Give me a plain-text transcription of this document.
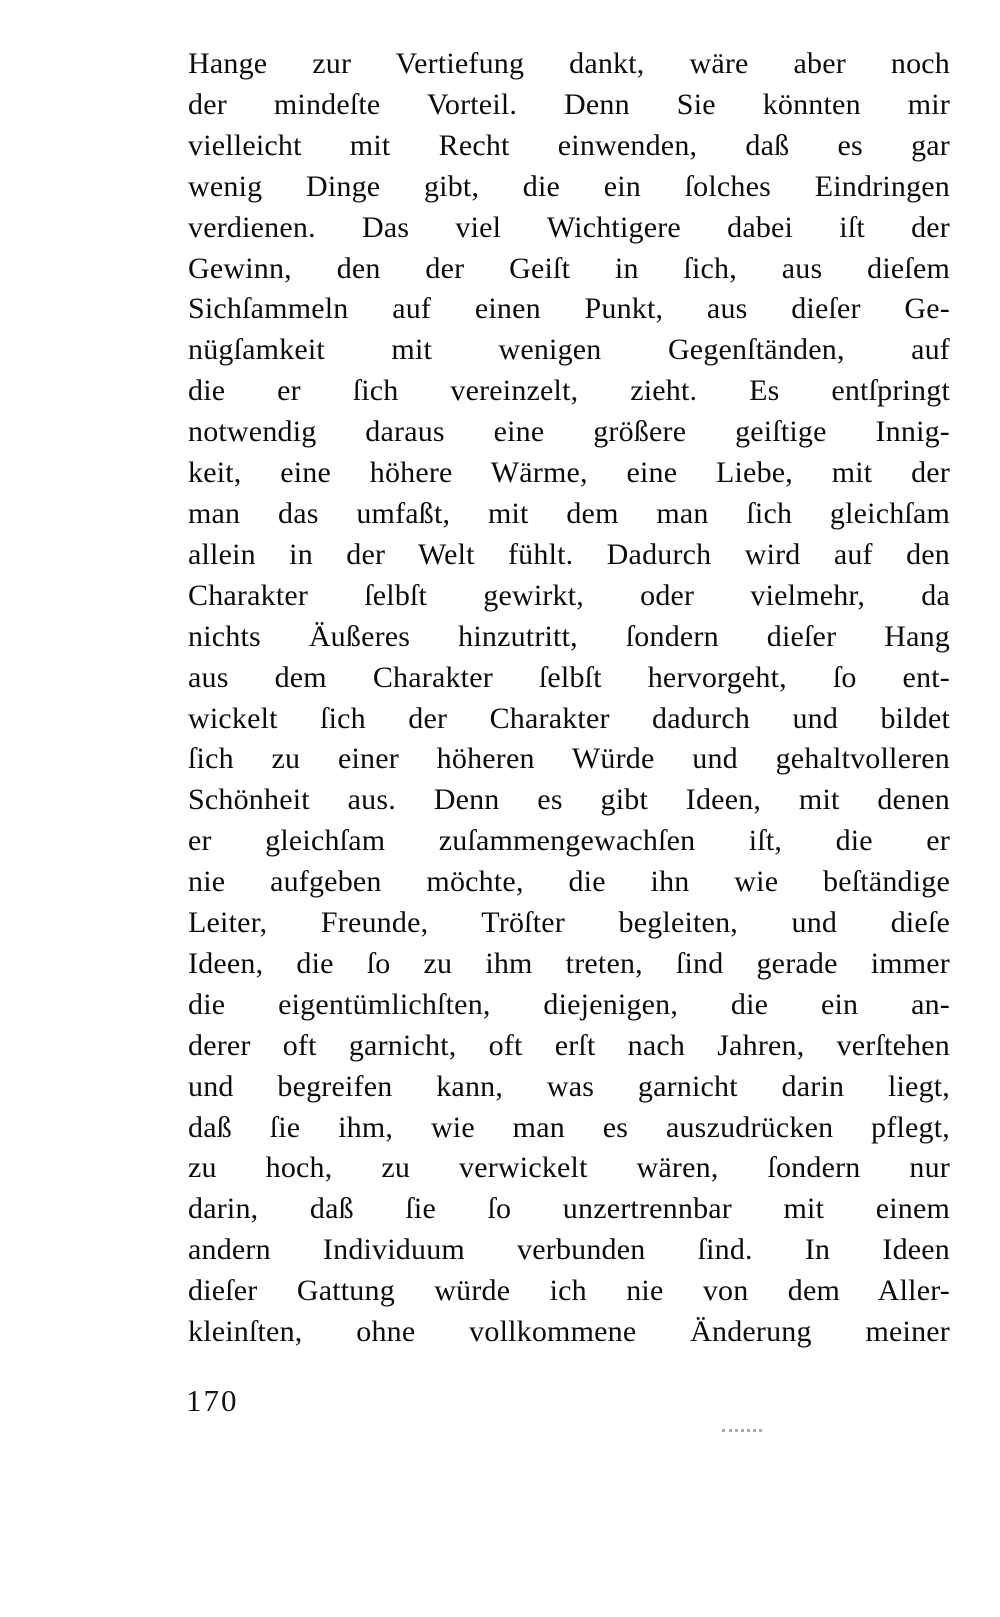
Hange zur Vertiefung dankt, wäre aber noch
der mindeſte Vorteil. Denn Sie könnten mir
vielleicht mit Recht einwenden, daß es gar
wenig Dinge gibt, die ein ſolches Eindringen
verdienen. Das viel Wichtigere dabei iſt der
Gewinn, den der Geiſt in ſich, aus dieſem
Sichſammeln auf einen Punkt, aus dieſer Ge-
nügſamkeit mit wenigen Gegenſtänden, auf
die er ſich vereinzelt, zieht. Es entſpringt
notwendig daraus eine größere geiſtige Innig-
keit, eine höhere Wärme, eine Liebe, mit der
man das umfaßt, mit dem man ſich gleichſam
allein in der Welt fühlt. Dadurch wird auf den
Charakter ſelbſt gewirkt, oder vielmehr, da
nichts Äußeres hinzutritt, ſondern dieſer Hang
aus dem Charakter ſelbſt hervorgeht, ſo ent-
wickelt ſich der Charakter dadurch und bildet
ſich zu einer höheren Würde und gehaltvolleren
Schönheit aus. Denn es gibt Ideen, mit denen
er gleichſam zuſammengewachſen iſt, die er
nie aufgeben möchte, die ihn wie beſtändige
Leiter, Freunde, Tröſter begleiten, und dieſe
Ideen, die ſo zu ihm treten, ſind gerade immer
die eigentümlichſten, diejenigen, die ein an-
derer oft garnicht, oft erſt nach Jahren, verſtehen
und begreifen kann, was garnicht darin liegt,
daß ſie ihm, wie man es auszudrücken pflegt,
zu hoch, zu verwickelt wären, ſondern nur
darin, daß ſie ſo unzertrennbar mit einem
andern Individuum verbunden ſind. In Ideen
dieſer Gattung würde ich nie von dem Aller-
kleinſten, ohne vollkommene Änderung meiner
170
